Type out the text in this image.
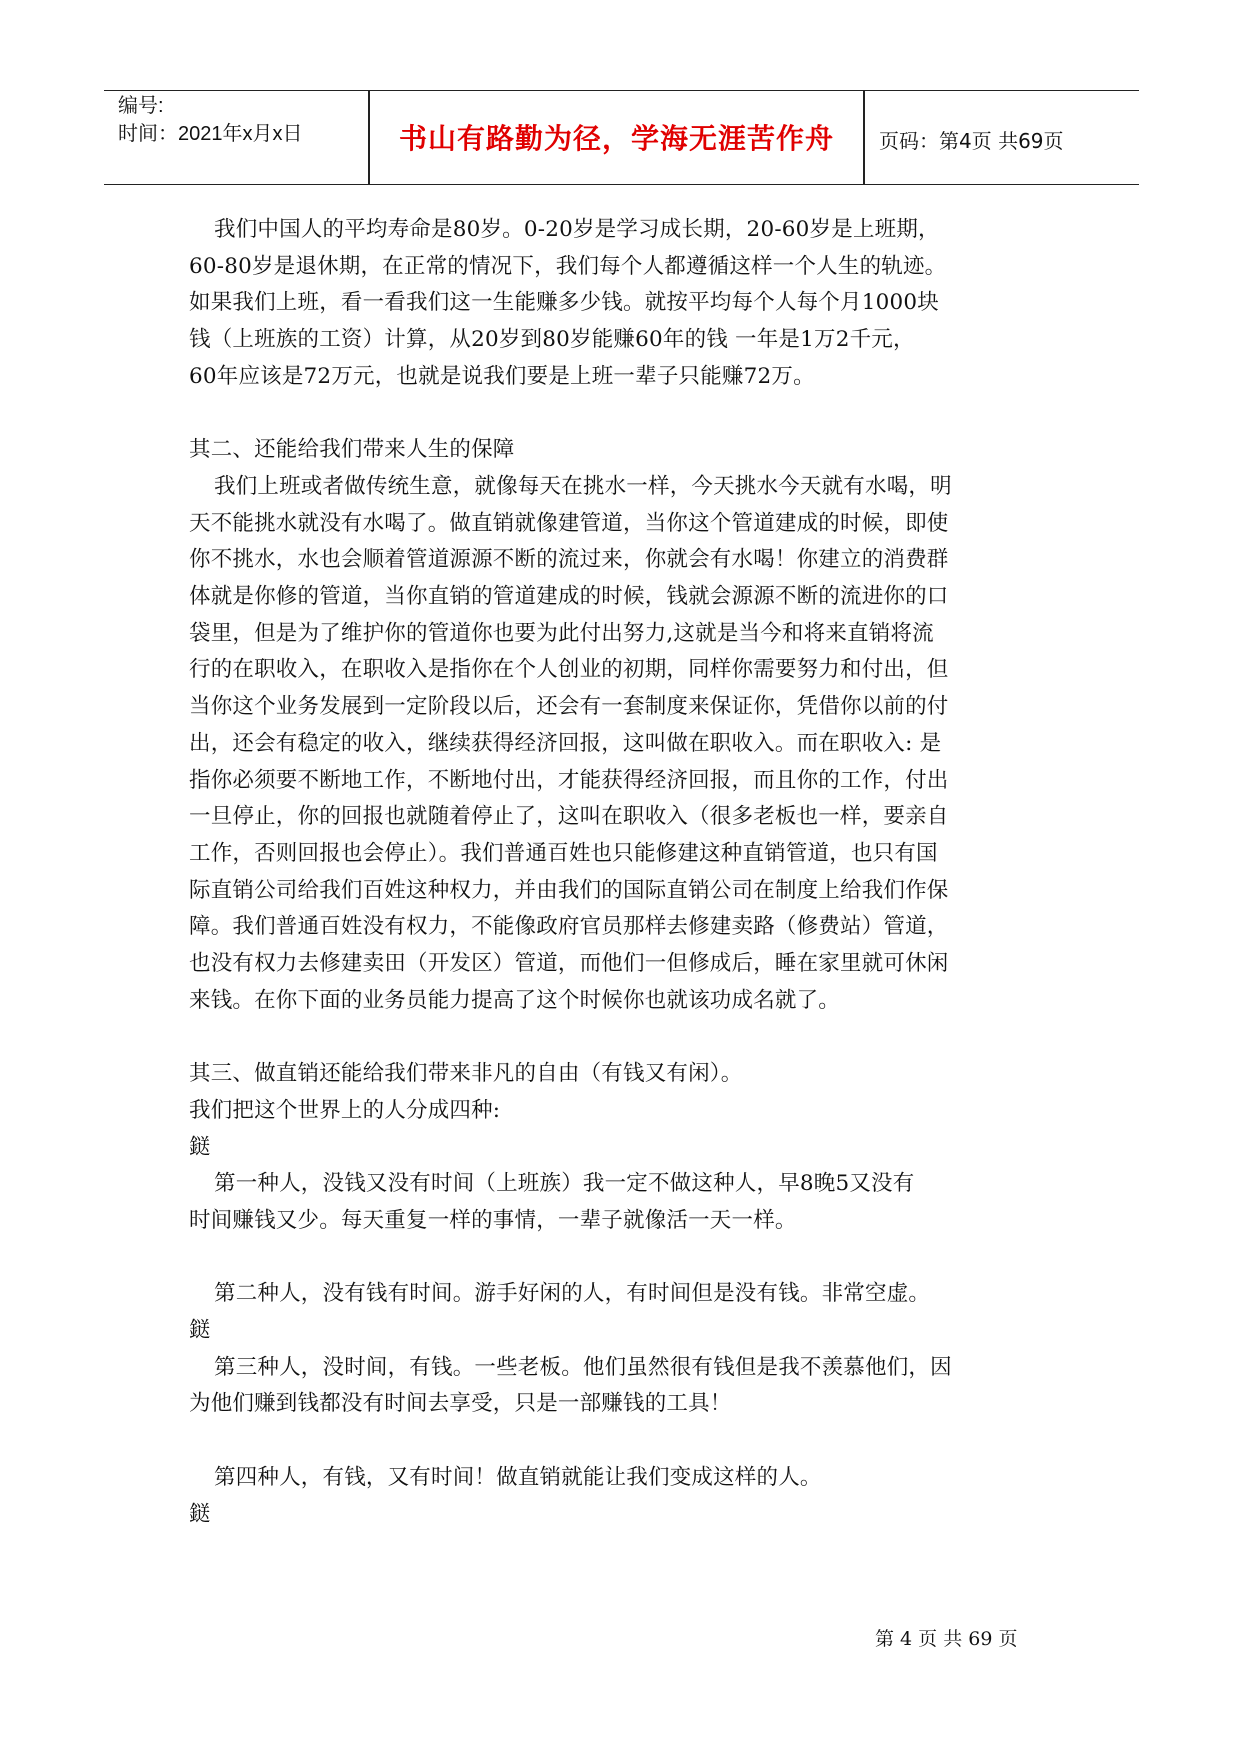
编号:
时间：2021年x月x日	书山有路勤为径，学海无涯苦作舟	页码：第4页 共69页

我们中国人的平均寿命是80岁。0-20岁是学习成长期，20-60岁是上班期，

60-80岁是退休期，在正常的情况下，我们每个人都遵循这样一个人生的轨迹。

如果我们上班，看一看我们这一生能赚多少钱。就按平均每个人每个月1000块

钱（上班族的工资）计算，从20岁到80岁能赚60年的钱 一年是1万2千元，

60年应该是72万元，也就是说我们要是上班一辈子只能赚72万。

其二、还能给我们带来人生的保障

我们上班或者做传统生意，就像每天在挑水一样，今天挑水今天就有水喝，明

天不能挑水就没有水喝了。做直销就像建管道，当你这个管道建成的时候，即使

你不挑水，水也会顺着管道源源不断的流过来，你就会有水喝！你建立的消费群

体就是你修的管道，当你直销的管道建成的时候，钱就会源源不断的流进你的口

袋里，但是为了维护你的管道你也要为此付出努力,这就是当今和将来直销将流

行的在职收入，在职收入是指你在个人创业的初期，同样你需要努力和付出，但

当你这个业务发展到一定阶段以后，还会有一套制度来保证你，凭借你以前的付

出，还会有稳定的收入，继续获得经济回报，这叫做在职收入。而在职收入: 是

指你必须要不断地工作，不断地付出，才能获得经济回报，而且你的工作，付出

一旦停止，你的回报也就随着停止了，这叫在职收入（很多老板也一样，要亲自

工作，否则回报也会停止）。我们普通百姓也只能修建这种直销管道，也只有国

际直销公司给我们百姓这种权力，并由我们的国际直销公司在制度上给我们作保

障。我们普通百姓没有权力，不能像政府官员那样去修建卖路（修费站）管道，

也没有权力去修建卖田（开发区）管道，而他们一但修成后，睡在家里就可休闲

来钱。在你下面的业务员能力提高了这个时候你也就该功成名就了。

其三、做直销还能给我们带来非凡的自由（有钱又有闲）。

我们把这个世界上的人分成四种:

鎹

第一种人，没钱又没有时间（上班族）我一定不做这种人，早8晚5又没有

时间赚钱又少。每天重复一样的事情，一辈子就像活一天一样。

第二种人，没有钱有时间。游手好闲的人，有时间但是没有钱。非常空虚。

鎹

第三种人，没时间，有钱。一些老板。他们虽然很有钱但是我不羡慕他们，因

为他们赚到钱都没有时间去享受，只是一部赚钱的工具！

第四种人，有钱，又有时间！做直销就能让我们变成这样的人。

鎹

第 4 页 共 69 页
